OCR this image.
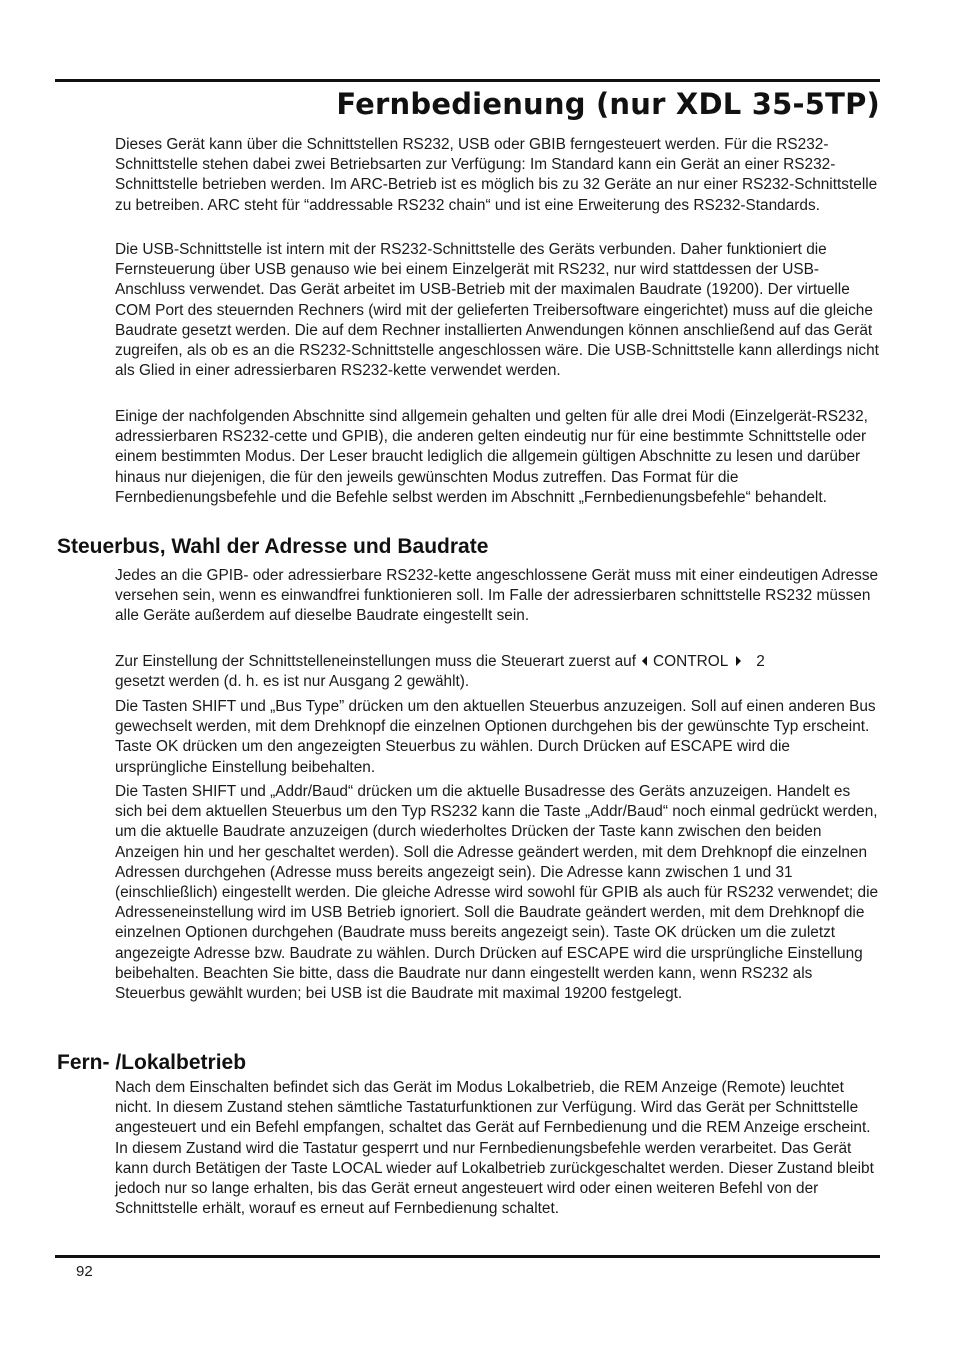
Fernbedienung (nur XDL 35-5TP)

Dieses Gerät kann über die Schnittstellen RS232, USB oder GBIB ferngesteuert werden. Für die RS232-Schnittstelle stehen dabei zwei Betriebsarten zur Verfügung: Im Standard kann ein Gerät an einer RS232-Schnittstelle betrieben werden. Im ARC-Betrieb ist es möglich bis zu 32 Geräte an nur einer RS232-Schnittstelle zu betreiben. ARC steht für “addressable RS232 chain“ und ist eine Erweiterung des RS232-Standards.

Die USB-Schnittstelle ist intern mit der RS232-Schnittstelle des Geräts verbunden. Daher funktioniert die Fernsteuerung über USB genauso wie bei einem Einzelgerät mit RS232, nur wird stattdessen der USB-Anschluss verwendet. Das Gerät arbeitet im USB-Betrieb mit der maximalen Baudrate (19200). Der virtuelle COM Port des steuernden Rechners (wird mit der gelieferten Treibersoftware eingerichtet) muss auf die gleiche Baudrate gesetzt werden. Die auf dem Rechner installierten Anwendungen können anschließend auf das Gerät zugreifen, als ob es an die RS232-Schnittstelle angeschlossen wäre. Die USB-Schnittstelle kann allerdings nicht als Glied in einer adressierbaren RS232-kette verwendet werden.

Einige der nachfolgenden Abschnitte sind allgemein gehalten und gelten für alle drei Modi (Einzelgerät-RS232, adressierbaren RS232-cette und GPIB), die anderen gelten eindeutig nur für eine bestimmte Schnittstelle oder einem bestimmten Modus. Der Leser braucht lediglich die allgemein gültigen Abschnitte zu lesen und darüber hinaus nur diejenigen, die für den jeweils gewünschten Modus zutreffen. Das Format für die Fernbedienungsbefehle und die Befehle selbst werden im Abschnitt „Fernbedienungsbefehle“ behandelt.

Steuerbus, Wahl der Adresse und Baudrate

Jedes an die GPIB- oder adressierbare RS232-kette angeschlossene Gerät muss mit einer eindeutigen Adresse versehen sein, wenn es einwandfrei funktionieren soll. Im Falle der adressierbaren schnittstelle RS232 müssen alle Geräte außerdem auf dieselbe Baudrate eingestellt sein.

Zur Einstellung der Schnittstelleneinstellungen muss die Steuerart zuerst auf CONTROL 2
gesetzt werden (d. h. es ist nur Ausgang 2 gewählt).

Die Tasten SHIFT und „Bus Type” drücken um den aktuellen Steuerbus anzuzeigen. Soll auf einen anderen Bus gewechselt werden, mit dem Drehknopf die einzelnen Optionen durchgehen bis der gewünschte Typ erscheint. Taste OK drücken um den angezeigten Steuerbus zu wählen. Durch Drücken auf ESCAPE wird die ursprüngliche Einstellung beibehalten.

Die Tasten SHIFT und „Addr/Baud“ drücken um die aktuelle Busadresse des Geräts anzuzeigen. Handelt es sich bei dem aktuellen Steuerbus um den Typ RS232 kann die Taste „Addr/Baud“ noch einmal gedrückt werden, um die aktuelle Baudrate anzuzeigen (durch wiederholtes Drücken der Taste kann zwischen den beiden Anzeigen hin und her geschaltet werden). Soll die Adresse geändert werden, mit dem Drehknopf die einzelnen Adressen durchgehen (Adresse muss bereits angezeigt sein). Die Adresse kann zwischen 1 und 31 (einschließlich) eingestellt werden. Die gleiche Adresse wird sowohl für GPIB als auch für RS232 verwendet; die Adresseneinstellung wird im USB Betrieb ignoriert. Soll die Baudrate geändert werden, mit dem Drehknopf die einzelnen Optionen durchgehen (Baudrate muss bereits angezeigt sein). Taste OK drücken um die zuletzt angezeigte Adresse bzw. Baudrate zu wählen. Durch Drücken auf ESCAPE wird die ursprüngliche Einstellung beibehalten. Beachten Sie bitte, dass die Baudrate nur dann eingestellt werden kann, wenn RS232 als Steuerbus gewählt wurden; bei USB ist die Baudrate mit maximal 19200 festgelegt.

Fern- /Lokalbetrieb

Nach dem Einschalten befindet sich das Gerät im Modus Lokalbetrieb, die REM Anzeige (Remote) leuchtet nicht. In diesem Zustand stehen sämtliche Tastaturfunktionen zur Verfügung. Wird das Gerät per Schnittstelle angesteuert und ein Befehl empfangen, schaltet das Gerät auf Fernbedienung und die REM Anzeige erscheint. In diesem Zustand wird die Tastatur gesperrt und nur Fernbedienungsbefehle werden verarbeitet. Das Gerät kann durch Betätigen der Taste LOCAL wieder auf Lokalbetrieb zurückgeschaltet werden. Dieser Zustand bleibt jedoch nur so lange erhalten, bis das Gerät erneut angesteuert wird oder einen weiteren Befehl von der Schnittstelle erhält, worauf es erneut auf Fernbedienung schaltet.

92
